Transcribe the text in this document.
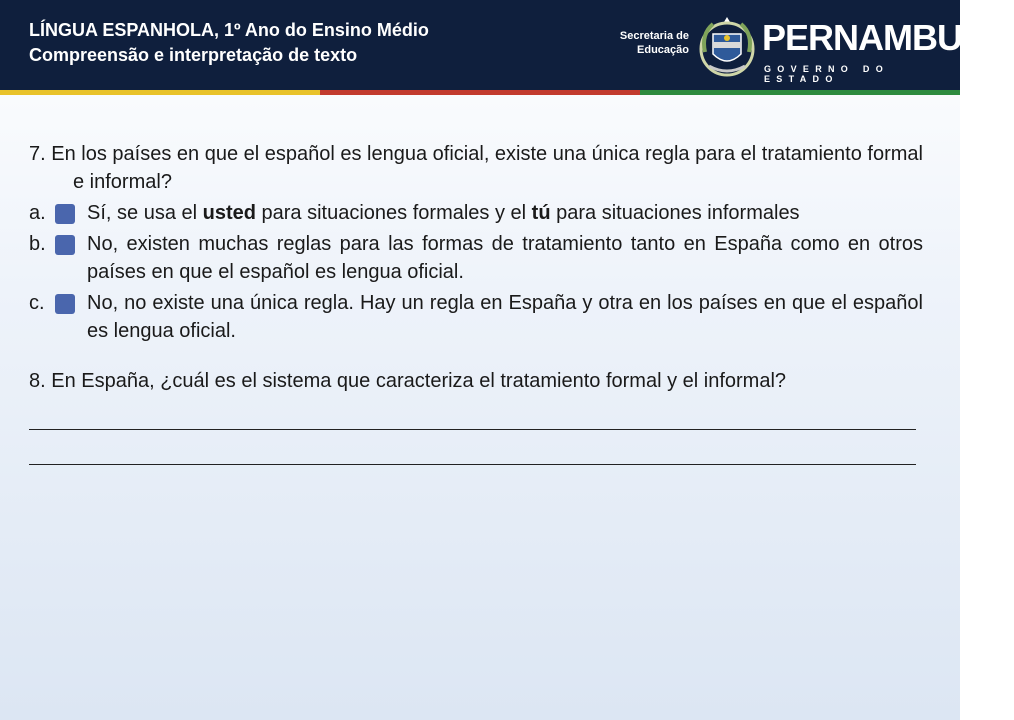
LÍNGUA ESPANHOLA, 1º Ano do Ensino Médio
Compreensão e interpretação de texto
Secretaria de
Educação PERNAMBUCO
GOVERNO DO ESTADO

7. En los países en que el español es lengua oficial, existe una única regla para el tratamiento formal e informal?

a.	Sí, se usa el usted para situaciones formales y el tú para situaciones informales
b.	No, existen muchas reglas para las formas de tratamiento tanto en España como en otros países en que el español es lengua oficial.
c.	No, no existe una única regla. Hay un regla en España y otra en los países en que el español es lengua oficial.

8. En España, ¿cuál es el sistema que caracteriza el tratamiento formal y el informal?
